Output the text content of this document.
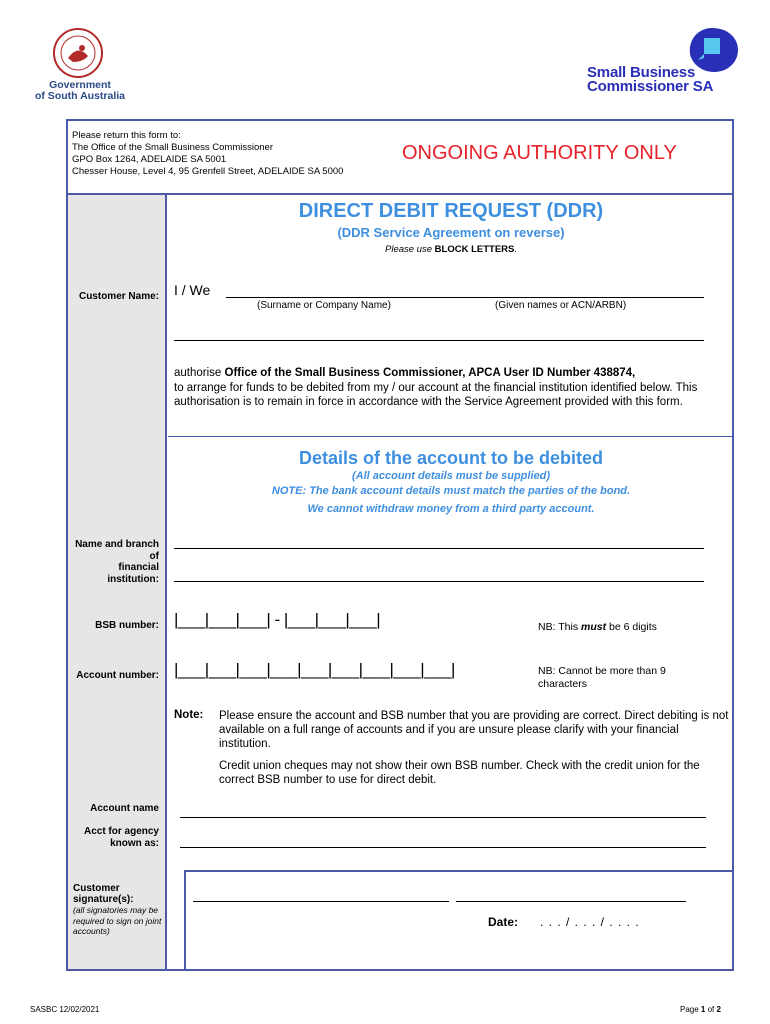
Government
of South Australia
Small Business
Commissioner SA
Please return this form to:
The Office of the Small Business Commissioner
GPO Box 1264, ADELAIDE SA 5001
Chesser House, Level 4, 95 Grenfell Street, ADELAIDE SA 5000
ONGOING AUTHORITY ONLY
DIRECT DEBIT REQUEST (DDR)
(DDR Service Agreement on reverse)
Please use BLOCK LETTERS.
Customer Name: I / We
(Surname or Company Name)	(Given names or ACN/ARBN)
authorise Office of the Small Business Commissioner, APCA User ID Number 438874,
to arrange for funds to be debited from my / our account at the financial institution identified below. This authorisation is to remain in force in accordance with the Service Agreement provided with this form.
Details of the account to be debited
(All account details must be supplied)
NOTE: The bank account details must match the parties of the bond.
We cannot withdraw money from a third party account.
Name and branch
of
financial
institution:
BSB number: |___|___|___| - |___|___|___|	NB: This must be 6 digits
Account number: |___|___|___|___|___|___|___|___|___|	NB: Cannot be more than 9 characters
Note: Please ensure the account and BSB number that you are providing are correct. Direct debiting is not available on a full range of accounts and if you are unsure please clarify with your financial institution.
Credit union cheques may not show their own BSB number. Check with the credit union for the correct BSB number to use for direct debit.
Account name
Acct for agency
known as:
Customer
signature(s):
(all signatories may be required to sign on joint accounts)
Date: . . . / . . . / . . . .
SASBC 12/02/2021	Page 1 of 2
